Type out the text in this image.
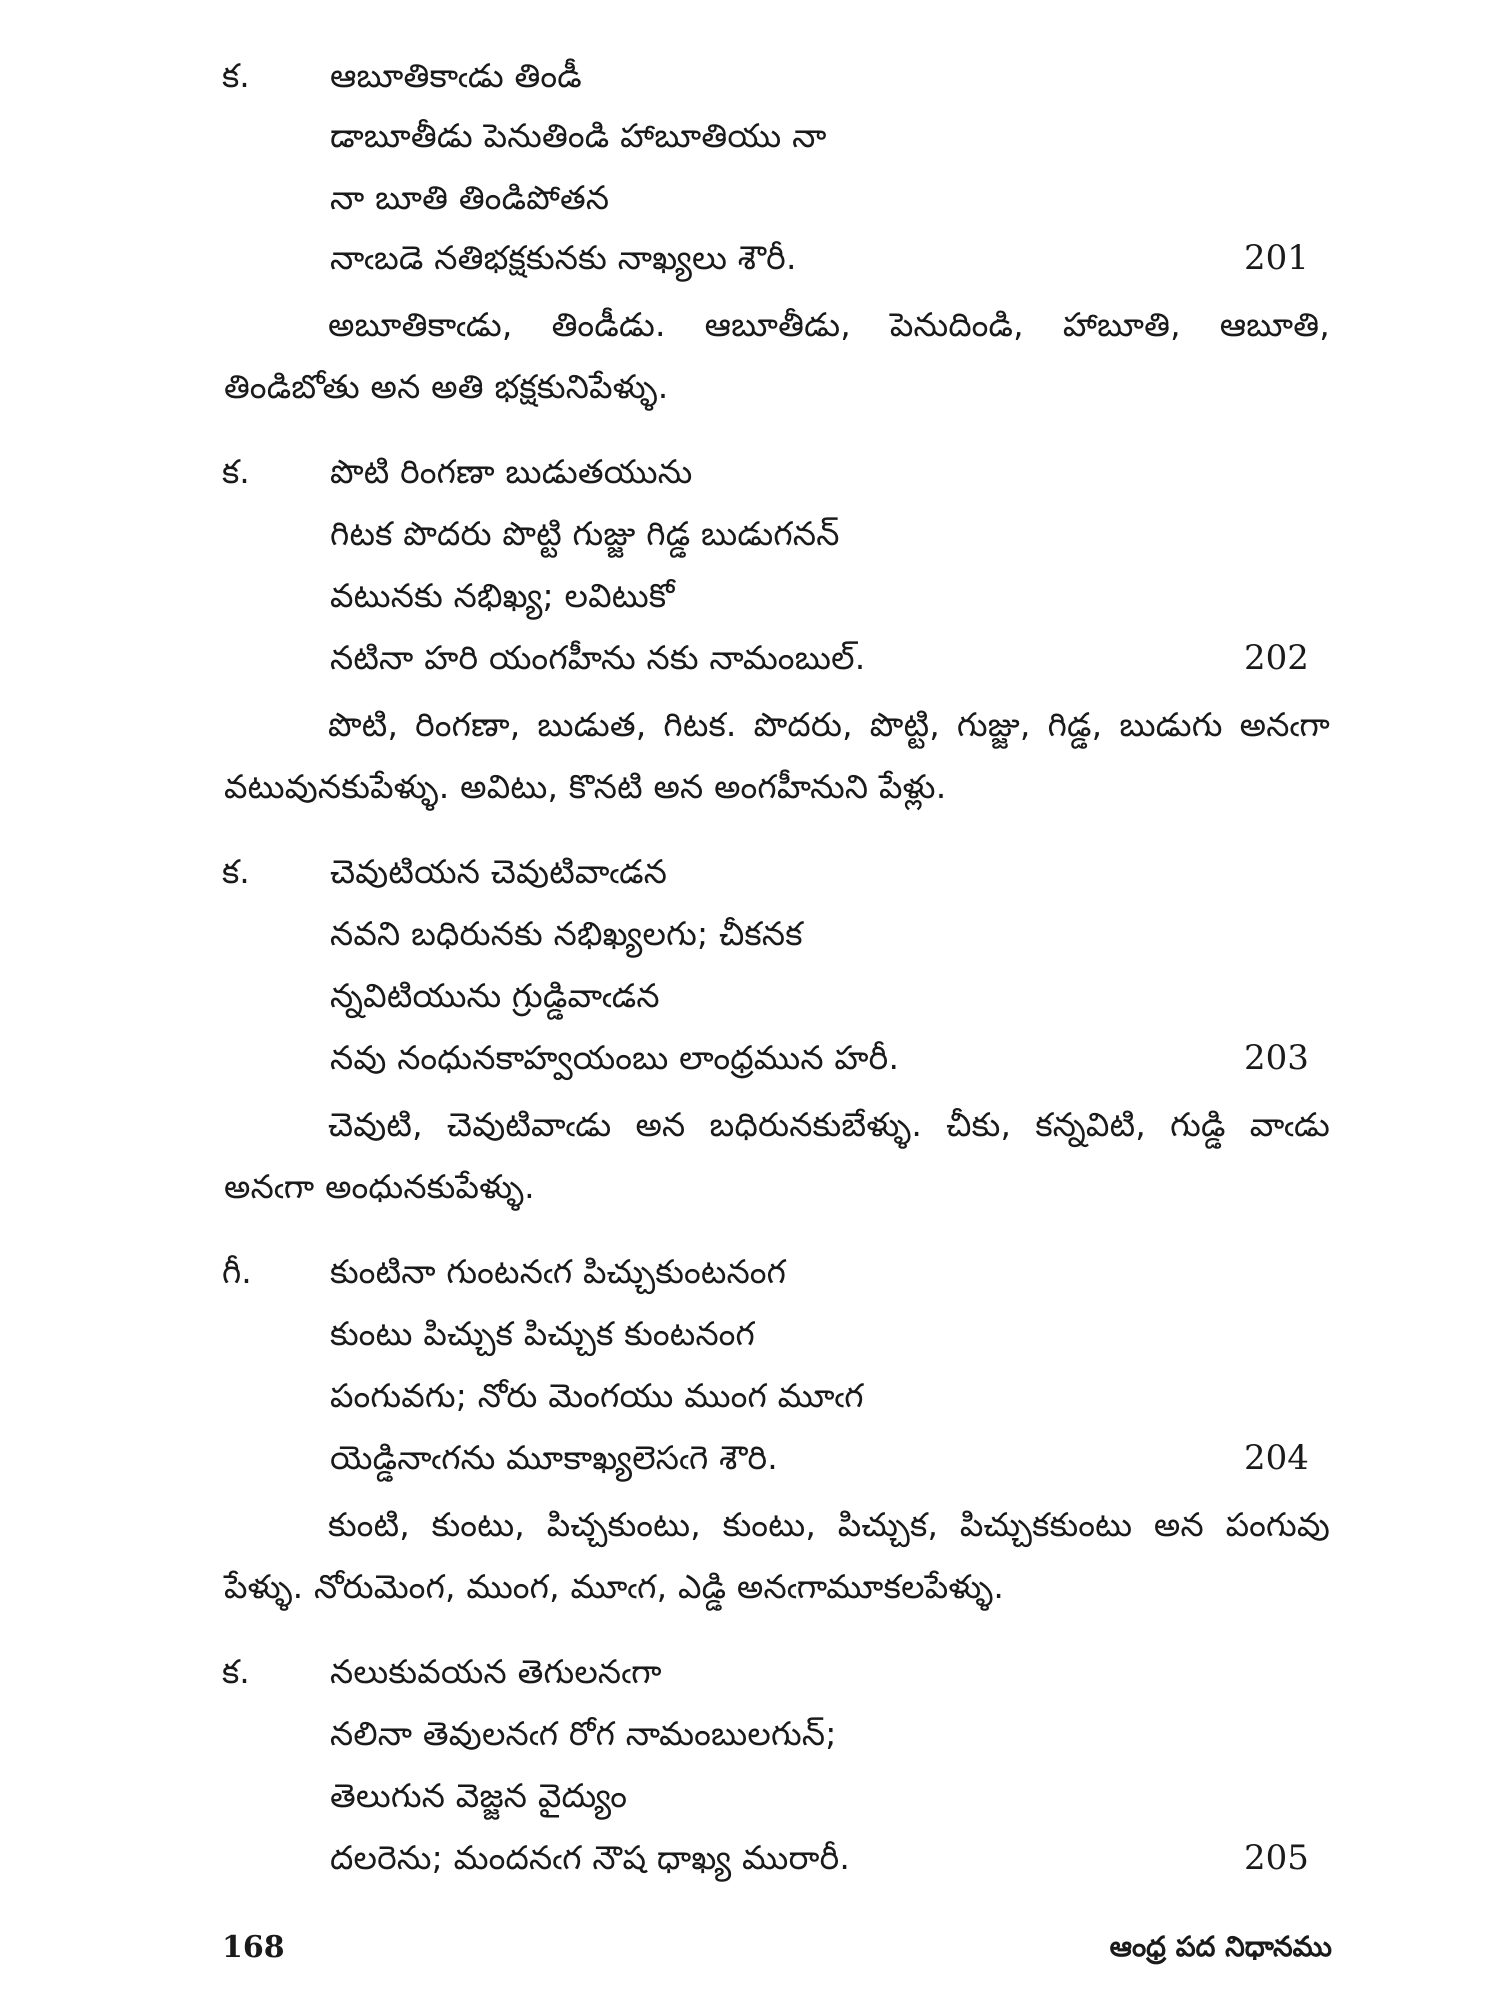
క. ఆబూతికాఁడు తిండీ
డాబూతీడు పెనుతిండి హాబూతియు నా
నా బూతి తిండిపోతన
నాఁబడె నతిభక్షకునకు నాఖ్యలు శౌరీ.	201

అబూతికాఁడు, తిండీడు. ఆబూతీడు, పెనుదిండి, హాబూతి, ఆబూతి, తిండిబోతు అన అతి భక్షకునిపేళ్ళు.

క. పొటి రింగణా బుడుతయును
గిటక పొదరు పొట్టి గుజ్జు గిడ్డ బుడుగనన్
వటునకు నభిఖ్య; లవిటుకో
నటినా హరి యంగహీను నకు నామంబుల్.	202

పొటి, రింగణా, బుడుత, గిటక. పొదరు, పొట్టి, గుజ్జు, గిడ్డ, బుడుగు అనఁగా వటువునకుపేళ్ళు. అవిటు, కొనటి అన అంగహీనుని పేళ్లు.

క. చెవుటియన చెవుటివాఁడన
నవని బధిరునకు నభిఖ్యలగు; చీకనక
న్నవిటియును గ్రుడ్డివాఁడన
నవు నంధునకాహ్వయంబు లాంధ్రమున హరీ.	203

చెవుటి, చెవుటివాఁడు అన బధిరునకుబేళ్ళు. చీకు, కన్నవిటి, గుడ్డి వాఁడు అనఁగా అంధునకుపేళ్ళు.

గీ. కుంటినా గుంటనఁగ పిచ్చుకుంటనంగ
కుంటు పిచ్చుక పిచ్చుక కుంటనంగ
పంగువగు; నోరు మెంగయు ముంగ మూఁగ
యెడ్డినాఁగను మూకాఖ్యలెసఁగె శౌరి.	204

కుంటి, కుంటు, పిచ్చకుంటు, కుంటు, పిచ్చుక, పిచ్చుకకుంటు అన పంగువు పేళ్ళు. నోరుమెంగ, ముంగ, మూఁగ, ఎడ్డి అనఁగామూకలపేళ్ళు.

క. నలుకువయన తెగులనఁగా
నలినా తెవులనఁగ రోగ నామంబులగున్;
తెలుగున వెజ్జన వైద్యుం
దలరెను; మందనఁగ నౌష ధాఖ్య మురారీ.	205
168	ఆంధ్ర పద నిధానము
